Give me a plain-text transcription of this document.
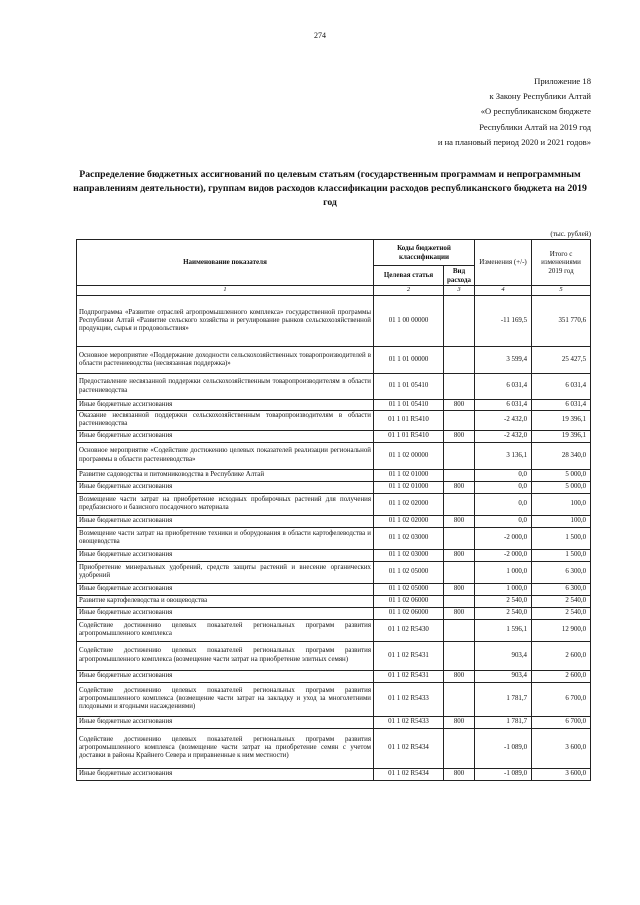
274
Приложение 18
к Закону Республики Алтай
«О республиканском бюджете
Республики Алтай на 2019 год
и на плановый период 2020 и 2021 годов»
Распределение бюджетных ассигнований по целевым статьям (государственным программам и непрограммным направлениям деятельности), группам видов расходов классификации расходов республиканского бюджета на 2019 год
(тыс. рублей)
Наименование показателя	Коды бюджетной классификации		Изменения (+/-)	Итого с изменениями 2019 год
	Целевая статья	Вид расхода		
1	2	3	4	5
Подпрограмма «Развитие отраслей агропромышленного комплекса» государственной программы Республики Алтай «Развитие сельского хозяйства и регулирование рынков сельскохозяйственной продукции, сырья и продовольствия»	01 1 00 00000		-11 169,5	351 770,6
Основное мероприятие «Поддержание доходности сельскохозяйственных товаропроизводителей в области растениеводства (несвязанная поддержка)»	01 1 01 00000		3 599,4	25 427,5
Предоставление несвязанной поддержки сельскохозяйственным товаропроизводителям в области растениеводства	01 1 01 05410		6 031,4	6 031,4
Иные бюджетные ассигнования	01 1 01 05410	800	6 031,4	6 031,4
Оказание несвязанной поддержки сельскохозяйственным товаропроизводителям в области растениеводства	01 1 01 R5410		-2 432,0	19 396,1
Иные бюджетные ассигнования	01 1 01 R5410	800	-2 432,0	19 396,1
Основное мероприятие «Содействие достижению целевых показателей реализации региональной программы в области растениеводства»	01 1 02 00000		3 136,1	28 340,0
Развитие садоводства и питомниководства в Республике Алтай	01 1 02 01000		0,0	5 000,0
Иные бюджетные ассигнования	01 1 02 01000	800	0,0	5 000,0
Возмещение части затрат на приобретение исходных пробирочных растений для получения предбазисного и базисного посадочного материала	01 1 02 02000		0,0	100,0
Иные бюджетные ассигнования	01 1 02 02000	800	0,0	100,0
Возмещение части затрат на приобретение техники и оборудования в области картофелеводства и овощеводства	01 1 02 03000		-2 000,0	1 500,0
Иные бюджетные ассигнования	01 1 02 03000	800	-2 000,0	1 500,0
Приобретение минеральных удобрений, средств защиты растений и внесение органических удобрений	01 1 02 05000		1 000,0	6 300,0
Иные бюджетные ассигнования	01 1 02 05000	800	1 000,0	6 300,0
Развитие картофелеводства и овощеводства	01 1 02 06000		2 540,0	2 540,0
Иные бюджетные ассигнования	01 1 02 06000	800	2 540,0	2 540,0
Содействие достижению целевых показателей региональных программ развития агропромышленного комплекса	01 1 02 R5430		1 596,1	12 900,0
Содействие достижению целевых показателей региональных программ развития агропромышленного комплекса (возмещение части затрат на приобретение элитных семян)	01 1 02 R5431		903,4	2 600,0
Иные бюджетные ассигнования	01 1 02 R5431	800	903,4	2 600,0
Содействие достижению целевых показателей региональных программ развития агропромышленного комплекса (возмещение части затрат на закладку и уход за многолетними плодовыми и ягодными насаждениями)	01 1 02 R5433		1 781,7	6 700,0
Иные бюджетные ассигнования	01 1 02 R5433	800	1 781,7	6 700,0
Содействие достижению целевых показателей региональных программ развития агропромышленного комплекса (возмещение части затрат на приобретение семян с учетом доставки в районы Крайнего Севера и приравненные к ним местности)	01 1 02 R5434		-1 089,0	3 600,0
Иные бюджетные ассигнования	01 1 02 R5434	800	-1 089,0	3 600,0
